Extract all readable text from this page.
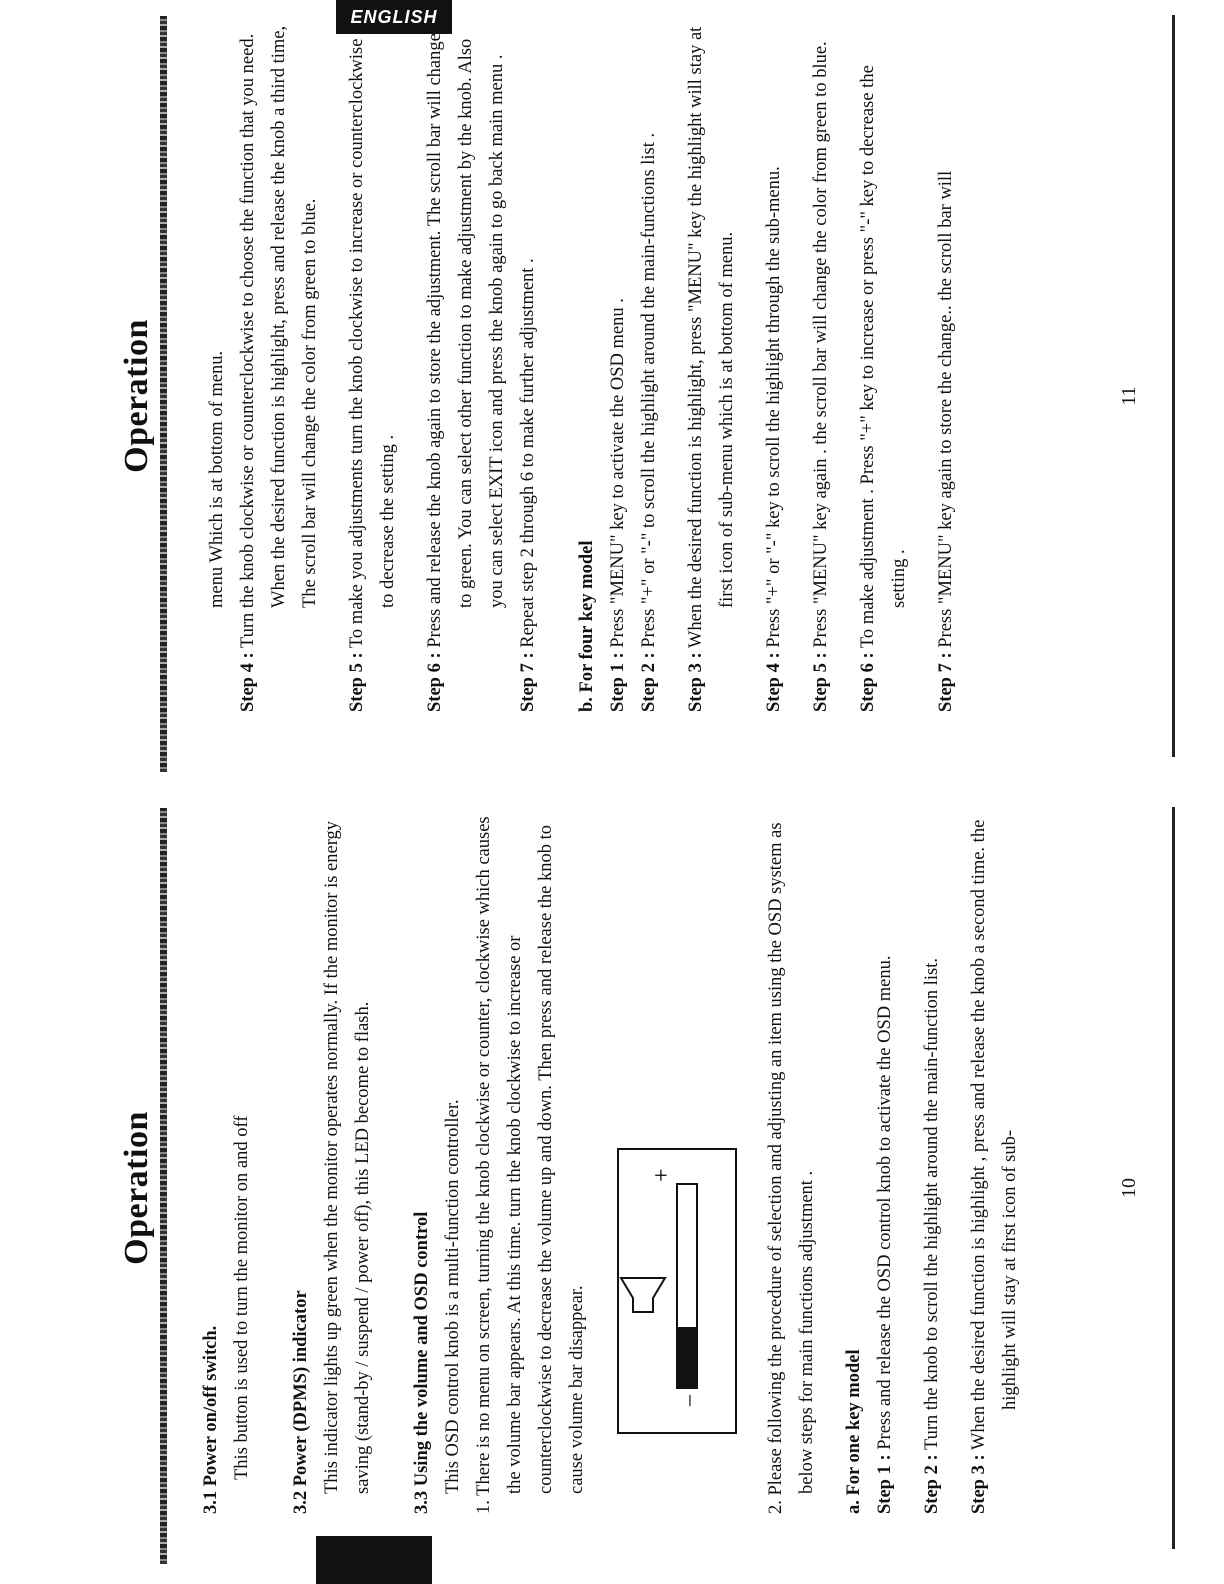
ENGLISH
Operation

3.1 Power on/off switch. This button is used to turn the monitor on and off	3.2 Power (DPMS) indicator This indicator lights up green when the monitor operates normally. If the monitor is energy saving (stand-by / suspend / power off), this LED become to flash.	3.3 Using the volume and OSD control This OSD control knob is a multi-function controller. 1. There is no menu on screen, turning the knob clockwise or counter, clockwise which causes the volume bar appears. At this time. turn the knob clockwise to increase or counterclockwise to decrease the volume up and down. Then press and release the knob to cause volume bar disappear.	–
+	2. Please following the procedure of selection and adjusting an item using the OSD system as below steps for main functions adjustment .	a. For one key model Step 1 : Press and release the OSD control knob to activate the OSD menu.

Step 2 : Turn the knob to scroll the highlight around the main-function list.

Step 3 : When the desired function is highlight , press and release the knob a second time. the highlight will stay at first icon of sub-	10
Operation	menu Which is at bottom of menu.

Step 4 : Turn the knob clockwise or counterclockwise to choose the function that you need. When the desired function is highlight, press and release the knob a third time, The scroll bar will change the color from green to blue.

Step 5 : To make you adjustments turn the knob clockwise to increase or counterclockwise to decrease the setting .

Step 6 : Press and release the knob again to store the adjustment. The scroll bar will change to green. You can select other function to make adjustment by the knob. Also you can select EXIT icon and press the knob again to go back main menu .

Step 7 : Repeat step 2 through 6 to make further adjustment .	b. For four key model Step 1 : Press "MENU" key to activate the OSD menu .

Step 2 : Press "+" or "-" to scroll the highlight around the main-functions list .

Step 3 : When the desired function is highlight, press "MENU" key the highlight will stay at first icon of sub-menu which is at bottom of menu.

Step 4 : Press "+" or "-" key to scroll the highlight through the sub-menu.

Step 5 : Press "MENU" key again . the scroll bar will change the color from green to blue.

Step 6 : To make adjustment . Press "+" key to increase or press "-" key to decrease the setting .

Step 7 : Press "MENU" key again to store the change.. the scroll bar will	11
